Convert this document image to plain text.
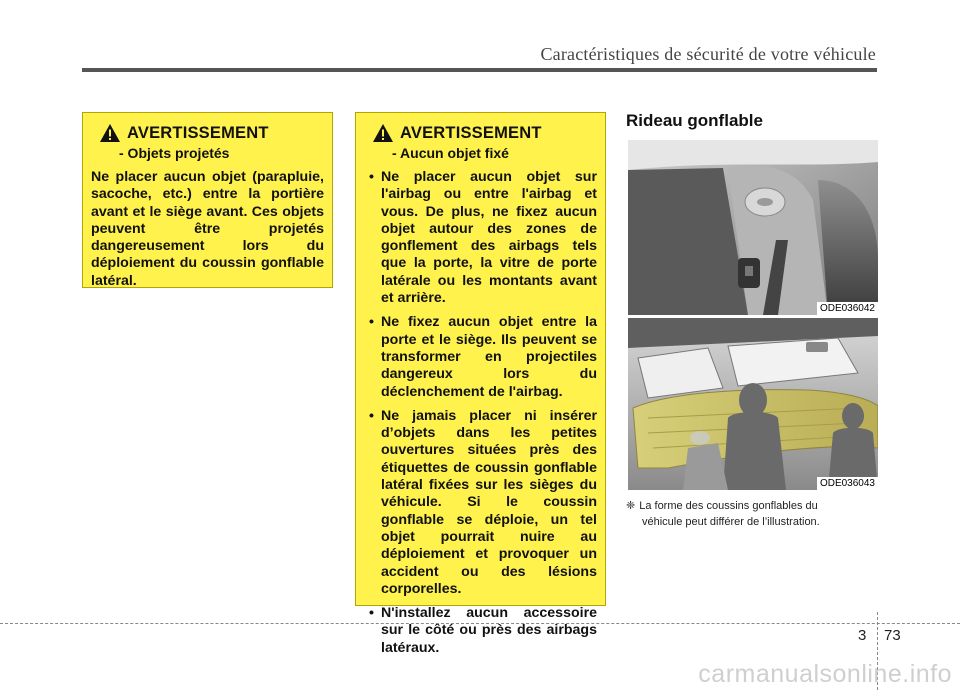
Caractéristiques de sécurité de votre véhicule
AVERTISSEMENT
- Objets projetés

Ne placer aucun objet (parapluie, sacoche, etc.) entre la portière avant et le siège avant. Ces objets peuvent être projetés dangereusement lors du déploiement du coussin gonflable latéral.

AVERTISSEMENT
- Aucun objet fixé
• Ne placer aucun objet sur l'airbag ou entre l'airbag et vous. De plus, ne fixez aucun objet autour des zones de gonflement des airbags tels que la porte, la vitre de porte latérale ou les montants avant et arrière.
• Ne fixez aucun objet entre la porte et le siège. Ils peuvent se transformer en projectiles dangereux lors du déclenchement de l'airbag.
• Ne jamais placer ni insérer d’objets dans les petites ouvertures situées près des étiquettes de coussin gonflable latéral fixées sur les sièges du véhicule. Si le coussin gonflable se déploie, un tel objet pourrait nuire au déploiement et provoquer un accident ou des lésions corporelles.
• N'installez aucun accessoire sur le côté ou près des airbags latéraux.
Rideau gonflable
ODE036042
ODE036043
❈ La forme des coussins gonflables du
véhicule peut différer de l’illustration.
3 73
carmanualsonline.info
